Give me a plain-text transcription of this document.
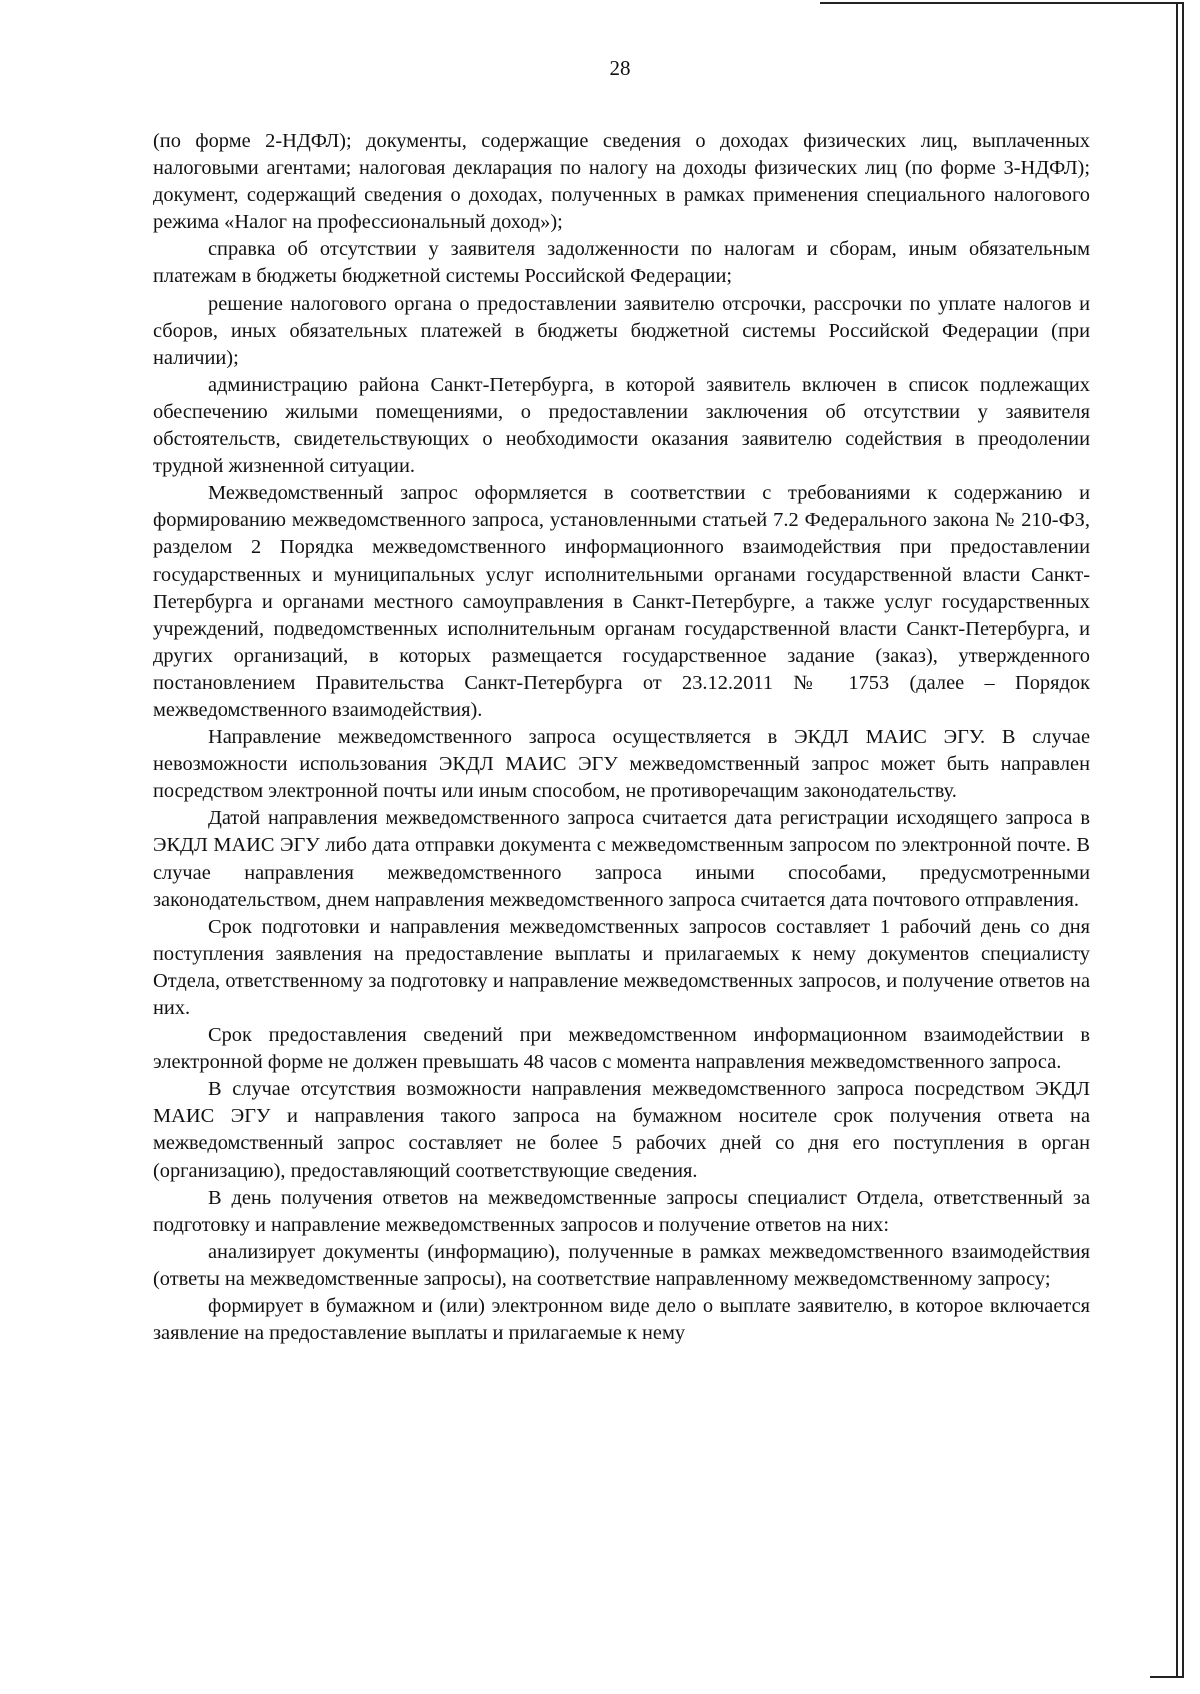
28

(по форме 2-НДФЛ); документы, содержащие сведения о доходах физических лиц, выплаченных налоговыми агентами; налоговая декларация по налогу на доходы физических лиц (по форме 3-НДФЛ); документ, содержащий сведения о доходах, полученных в рамках применения специального налогового режима «Налог на профессиональный доход»);

справка об отсутствии у заявителя задолженности по налогам и сборам, иным обязательным платежам в бюджеты бюджетной системы Российской Федерации;

решение налогового органа о предоставлении заявителю отсрочки, рассрочки по уплате налогов и сборов, иных обязательных платежей в бюджеты бюджетной системы Российской Федерации (при наличии);

администрацию района Санкт-Петербурга, в которой заявитель включен в список подлежащих обеспечению жилыми помещениями, о предоставлении заключения об отсутствии у заявителя обстоятельств, свидетельствующих о необходимости оказания заявителю содействия в преодолении трудной жизненной ситуации.

Межведомственный запрос оформляется в соответствии с требованиями к содержанию и формированию межведомственного запроса, установленными статьей 7.2 Федерального закона № 210-ФЗ, разделом 2 Порядка межведомственного информационного взаимодействия при предоставлении государственных и муниципальных услуг исполнительными органами государственной власти Санкт-Петербурга и органами местного самоуправления в Санкт-Петербурге, а также услуг государственных учреждений, подведомственных исполнительным органам государственной власти Санкт-Петербурга, и других организаций, в которых размещается государственное задание (заказ), утвержденного постановлением Правительства Санкт-Петербурга от 23.12.2011 № 1753 (далее – Порядок межведомственного взаимодействия).

Направление межведомственного запроса осуществляется в ЭКДЛ МАИС ЭГУ. В случае невозможности использования ЭКДЛ МАИС ЭГУ межведомственный запрос может быть направлен посредством электронной почты или иным способом, не противоречащим законодательству.

Датой направления межведомственного запроса считается дата регистрации исходящего запроса в ЭКДЛ МАИС ЭГУ либо дата отправки документа с межведомственным запросом по электронной почте. В случае направления межведомственного запроса иными способами, предусмотренными законодательством, днем направления межведомственного запроса считается дата почтового отправления.

Срок подготовки и направления межведомственных запросов составляет 1 рабочий день со дня поступления заявления на предоставление выплаты и прилагаемых к нему документов специалисту Отдела, ответственному за подготовку и направление межведомственных запросов, и получение ответов на них.

Срок предоставления сведений при межведомственном информационном взаимодействии в электронной форме не должен превышать 48 часов с момента направления межведомственного запроса.

В случае отсутствия возможности направления межведомственного запроса посредством ЭКДЛ МАИС ЭГУ и направления такого запроса на бумажном носителе срок получения ответа на межведомственный запрос составляет не более 5 рабочих дней со дня его поступления в орган (организацию), предоставляющий соответствующие сведения.

В день получения ответов на межведомственные запросы специалист Отдела, ответственный за подготовку и направление межведомственных запросов и получение ответов на них:

анализирует документы (информацию), полученные в рамках межведомственного взаимодействия (ответы на межведомственные запросы), на соответствие направленному межведомственному запросу;

формирует в бумажном и (или) электронном виде дело о выплате заявителю, в которое включается заявление на предоставление выплаты и прилагаемые к нему
